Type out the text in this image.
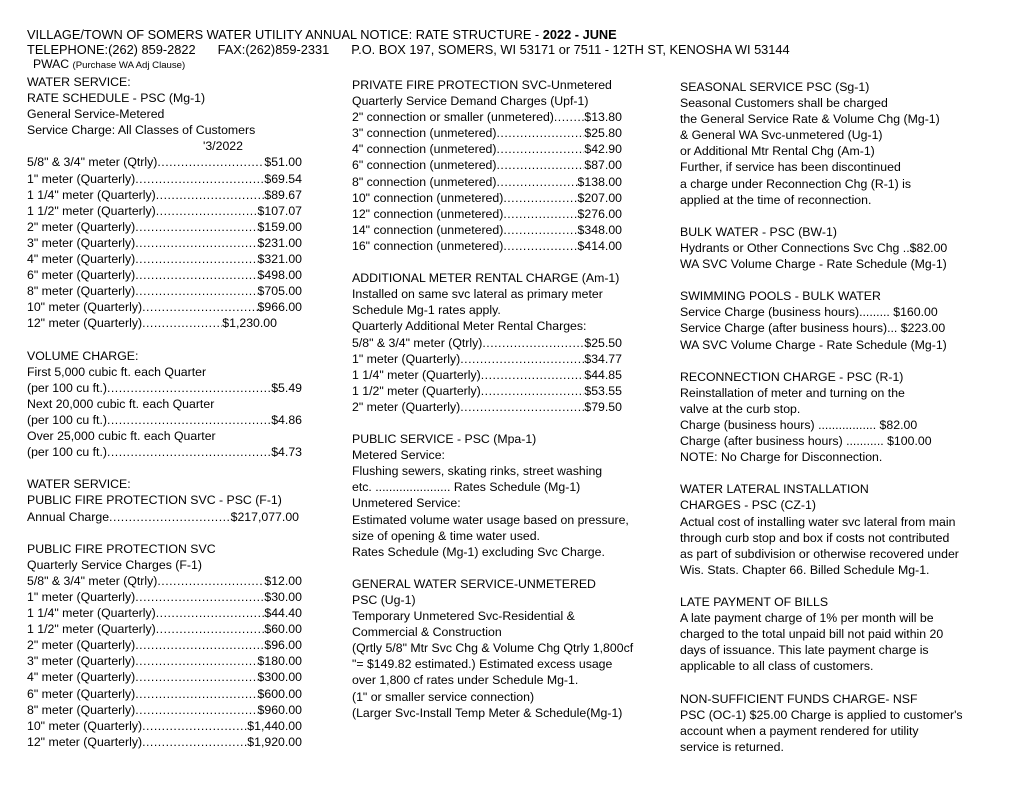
VILLAGE/TOWN OF SOMERS WATER UTILITY ANNUAL NOTICE: RATE STRUCTURE - 2022 - JUNE
TELEPHONE:(262) 859-2822 FAX:(262)859-2331 P.O. BOX 197, SOMERS, WI 53171 or 7511 - 12TH ST, KENOSHA WI 53144
PWAC (Purchase WA Adj Clause)
WATER SERVICE:
RATE SCHEDULE - PSC (Mg-1)
General Service-Metered
Service Charge: All Classes of Customers
'3/2022
5/8" & 3/4" meter (Qtrly) .....	$51.00
1" meter (Quarterly) .....	$69.54
1 1/4" meter (Quarterly) .....	$89.67
1 1/2" meter (Quarterly) .....	$107.07
2" meter (Quarterly) .....	$159.00
3" meter (Quarterly) .....	$231.00
4" meter (Quarterly) .....	$321.00
6" meter (Quarterly) .....	$498.00
8" meter (Quarterly) .....	$705.00
10" meter (Quarterly) .....	$966.00
12" meter (Quarterly) .....	$1,230.00
VOLUME CHARGE:
First 5,000 cubic ft. each Quarter
(per 100 cu ft.) .....	$5.49
Next 20,000 cubic ft. each Quarter
(per 100 cu ft.) .....	$4.86
Over 25,000 cubic ft. each Quarter
(per 100 cu ft.) .....	$4.73
WATER SERVICE:
PUBLIC FIRE PROTECTION SVC - PSC (F-1)
Annual Charge .....	$217,077.00
PUBLIC FIRE PROTECTION SVC
Quarterly Service Charges (F-1)
5/8" & 3/4" meter (Qtrly) .....	$12.00
1" meter (Quarterly) .....	$30.00
1 1/4" meter (Quarterly) .....	$44.40
1 1/2" meter (Quarterly) .....	$60.00
2" meter (Quarterly) .....	$96.00
3" meter (Quarterly) .....	$180.00
4" meter (Quarterly) .....	$300.00
6" meter (Quarterly) .....	$600.00
8" meter (Quarterly) .....	$960.00
10" meter (Quarterly) .....	$1,440.00
12" meter (Quarterly) .....	$1,920.00
PRIVATE FIRE PROTECTION SVC-Unmetered
Quarterly Service Demand Charges (Upf-1)
2" connection or smaller (unmetered) ..... $13.80
3" connection (unmetered) .....	$25.80
4" connection (unmetered) .....	$42.90
6" connection (unmetered) .....	$87.00
8" connection (unmetered) .....	$138.00
10" connection (unmetered) .....	$207.00
12" connection (unmetered) .....	$276.00
14" connection (unmetered) .....	$348.00
16" connection (unmetered) .....	$414.00
ADDITIONAL METER RENTAL CHARGE (Am-1)
Installed on same svc lateral as primary meter
Schedule Mg-1 rates apply.
Quarterly Additional Meter Rental Charges:
5/8" & 3/4" meter (Qtrly) .....	$25.50
1" meter (Quarterly) .....	$34.77
1 1/4" meter (Quarterly) .....	$44.85
1 1/2" meter (Quarterly) .....	$53.55
2" meter (Quarterly) .....	$79.50
PUBLIC SERVICE - PSC (Mpa-1)
Metered Service:
Flushing sewers, skating rinks, street washing
etc. ...................... Rates Schedule (Mg-1)
Unmetered Service:
Estimated volume water usage based on pressure,
size of opening & time water used.
Rates Schedule (Mg-1) excluding Svc Charge.
GENERAL WATER SERVICE-UNMETERED
PSC (Ug-1)
Temporary Unmetered Svc-Residential &
Commercial & Construction
(Qrtly 5/8" Mtr Svc Chg & Volume Chg Qtrly 1,800cf
"= $149.82 estimated.) Estimated excess usage
over 1,800 cf rates under Schedule Mg-1.
(1" or smaller service connection)
(Larger Svc-Install Temp Meter & Schedule(Mg-1)
SEASONAL SERVICE PSC (Sg-1)
Seasonal Customers shall be charged
the General Service Rate & Volume Chg (Mg-1)
& General WA Svc-unmetered (Ug-1)
or Additional Mtr Rental Chg (Am-1)
Further, if service has been discontinued
a charge under Reconnection Chg (R-1) is
applied at the time of reconnection.
BULK WATER - PSC (BW-1)
Hydrants or Other Connections Svc Chg ..$82.00
WA SVC Volume Charge - Rate Schedule (Mg-1)
SWIMMING POOLS - BULK WATER
Service Charge (business hours)......... $160.00
Service Charge (after business hours)... $223.00
WA SVC Volume Charge - Rate Schedule (Mg-1)
RECONNECTION CHARGE - PSC (R-1)
Reinstallation of meter and turning on the
valve at the curb stop.
Charge (business hours) ................. $82.00
Charge (after business hours) ........... $100.00
NOTE: No Charge for Disconnection.
WATER LATERAL INSTALLATION
CHARGES - PSC (CZ-1)
Actual cost of installing water svc lateral from main
through curb stop and box if costs not contributed
as part of subdivision or otherwise recovered under
Wis. Stats. Chapter 66. Billed Schedule Mg-1.
LATE PAYMENT OF BILLS
A late payment charge of 1% per month will be
charged to the total unpaid bill not paid within 20
days of issuance. This late payment charge is
applicable to all class of customers.
NON-SUFFICIENT FUNDS CHARGE- NSF
PSC (OC-1) $25.00 Charge is applied to customer's
account when a payment rendered for utility
service is returned.
